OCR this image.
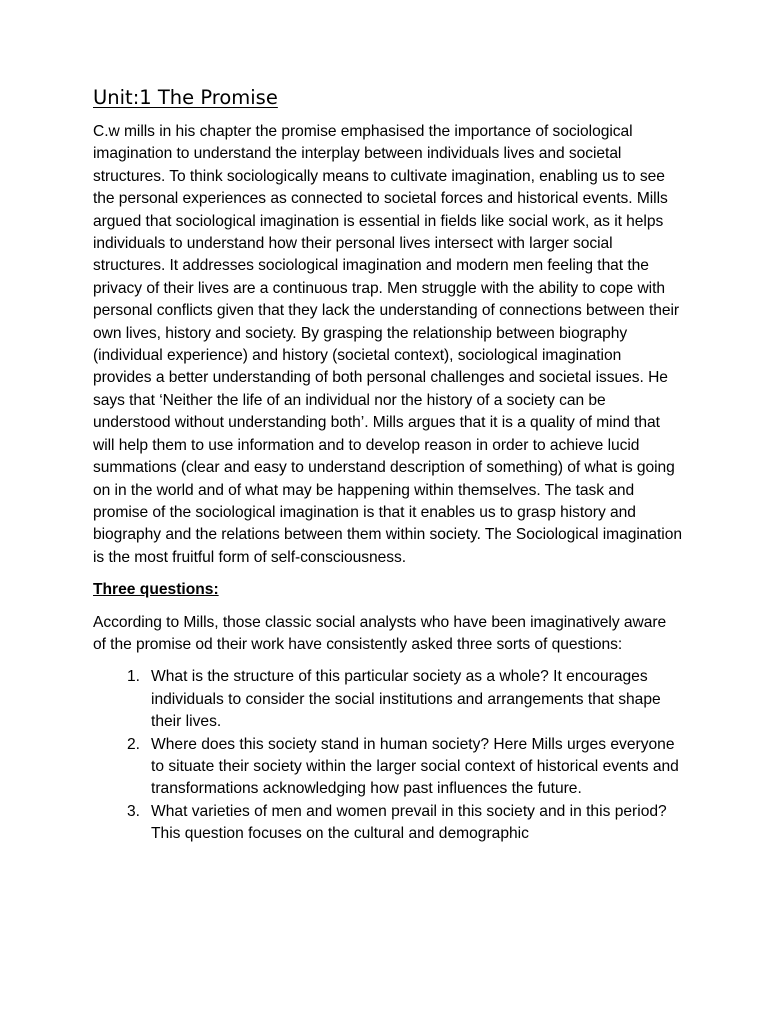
Unit:1 The Promise

C.w mills in his chapter the promise emphasised the importance of sociological imagination to understand the interplay between individuals lives and societal structures. To think sociologically means to cultivate imagination, enabling us to see the personal experiences as connected to societal forces and historical events. Mills argued that sociological imagination is essential in fields like social work, as it helps individuals to understand how their personal lives intersect with larger social structures. It addresses sociological imagination and modern men feeling that the privacy of their lives are a continuous trap. Men struggle with the ability to cope with personal conflicts given that they lack the understanding of connections between their own lives, history and society. By grasping the relationship between biography (individual experience) and history (societal context), sociological imagination provides a better understanding of both personal challenges and societal issues. He says that ‘Neither the life of an individual nor the history of a society can be understood without understanding both’. Mills argues that it is a quality of mind that will help them to use information and to develop reason in order to achieve lucid summations (clear and easy to understand description of something) of what is going on in the world and of what may be happening within themselves. The task and promise of the sociological imagination is that it enables us to grasp history and biography and the relations between them within society. The Sociological imagination is the most fruitful form of self-consciousness.

Three questions:

According to Mills, those classic social analysts who have been imaginatively aware of the promise od their work have consistently asked three sorts of questions:

1. What is the structure of this particular society as a whole? It encourages individuals to consider the social institutions and arrangements that shape their lives.
2. Where does this society stand in human society? Here Mills urges everyone to situate their society within the larger social context of historical events and transformations acknowledging how past influences the future.
3. What varieties of men and women prevail in this society and in this period? This question focuses on the cultural and demographic
